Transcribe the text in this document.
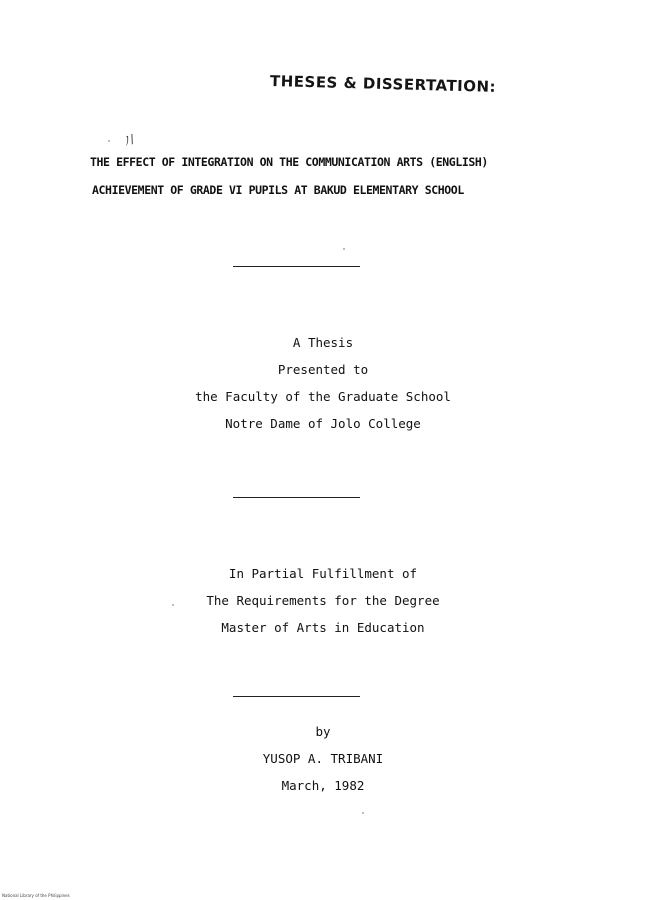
THESES & DISSERTATION:
ﾉ/
THE EFFECT OF INTEGRATION ON THE COMMUNICATION ARTS (ENGLISH)
ACHIEVEMENT OF GRADE VI PUPILS AT BAKUD ELEMENTARY SCHOOL
A Thesis
Presented to
the Faculty of the Graduate School
Notre Dame of Jolo College
In Partial Fulfillment of
The Requirements for the Degree
Master of Arts in Education
by
YUSOP A. TRIBANI
March, 1982
National Library of the Philippines
